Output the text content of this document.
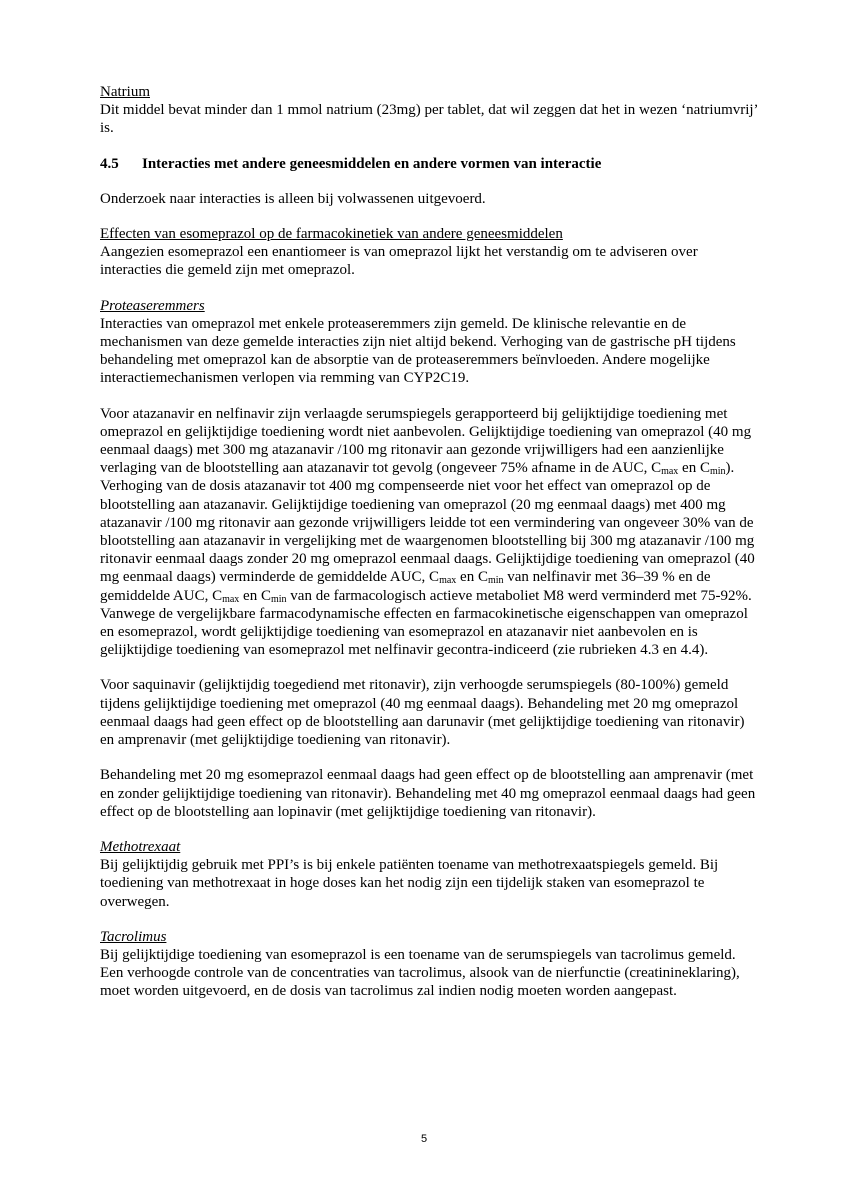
Natrium

Dit middel bevat minder dan 1 mmol natrium (23mg) per tablet, dat wil zeggen dat het in wezen ‘natriumvrij’ is.

4.5	Interacties met andere geneesmiddelen en andere vormen van interactie

Onderzoek naar interacties is alleen bij volwassenen uitgevoerd.

Effecten van esomeprazol op de farmacokinetiek van andere geneesmiddelen

Aangezien esomeprazol een enantiomeer is van omeprazol lijkt het verstandig om te adviseren over interacties die gemeld zijn met omeprazol.

Proteaseremmers

Interacties van omeprazol met enkele proteaseremmers zijn gemeld. De klinische relevantie en de mechanismen van deze gemelde interacties zijn niet altijd bekend. Verhoging van de gastrische pH tijdens behandeling met omeprazol kan de absorptie van de proteaseremmers beïnvloeden. Andere mogelijke interactiemechanismen verlopen via remming van CYP2C19.

Voor atazanavir en nelfinavir zijn verlaagde serumspiegels gerapporteerd bij gelijktijdige toediening met omeprazol en gelijktijdige toediening wordt niet aanbevolen. Gelijktijdige toediening van omeprazol (40 mg eenmaal daags) met 300 mg atazanavir /100 mg ritonavir aan gezonde vrijwilligers had een aanzienlijke verlaging van de blootstelling aan atazanavir tot gevolg (ongeveer 75% afname in de AUC, $C_{max}$ en $C_{min}$). Verhoging van de dosis atazanavir tot 400 mg compenseerde niet voor het effect van omeprazol op de blootstelling aan atazanavir. Gelijktijdige toediening van omeprazol (20 mg eenmaal daags) met 400 mg atazanavir /100 mg ritonavir aan gezonde vrijwilligers leidde tot een vermindering van ongeveer 30% van de blootstelling aan atazanavir in vergelijking met de waargenomen blootstelling bij 300 mg atazanavir /100 mg ritonavir eenmaal daags zonder 20 mg omeprazol eenmaal daags. Gelijktijdige toediening van omeprazol (40 mg eenmaal daags) verminderde de gemiddelde AUC, $C_{max}$ en $C_{min}$ van nelfinavir met 36–39 % en de gemiddelde AUC, $C_{max}$ en $C_{min}$ van de farmacologisch actieve metaboliet M8 werd verminderd met 75-92%. Vanwege de vergelijkbare farmacodynamische effecten en farmacokinetische eigenschappen van omeprazol en esomeprazol, wordt gelijktijdige toediening van esomeprazol en atazanavir niet aanbevolen en is gelijktijdige toediening van esomeprazol met nelfinavir gecontra-indiceerd (zie rubrieken 4.3 en 4.4).

Voor saquinavir (gelijktijdig toegediend met ritonavir), zijn verhoogde serumspiegels (80-100%) gemeld tijdens gelijktijdige toediening met omeprazol (40 mg eenmaal daags). Behandeling met 20 mg omeprazol eenmaal daags had geen effect op de blootstelling aan darunavir (met gelijktijdige toediening van ritonavir) en amprenavir (met gelijktijdige toediening van ritonavir).

Behandeling met 20 mg esomeprazol eenmaal daags had geen effect op de blootstelling aan amprenavir (met en zonder gelijktijdige toediening van ritonavir). Behandeling met 40 mg omeprazol eenmaal daags had geen effect op de blootstelling aan lopinavir (met gelijktijdige toediening van ritonavir).

Methotrexaat

Bij gelijktijdig gebruik met PPI’s is bij enkele patiënten toename van methotrexaatspiegels gemeld. Bij toediening van methotrexaat in hoge doses kan het nodig zijn een tijdelijk staken van esomeprazol te overwegen.

Tacrolimus

Bij gelijktijdige toediening van esomeprazol is een toename van de serumspiegels van tacrolimus gemeld. Een verhoogde controle van de concentraties van tacrolimus, alsook van de nierfunctie (creatinineklaring), moet worden uitgevoerd, en de dosis van tacrolimus zal indien nodig moeten worden aangepast.

5
